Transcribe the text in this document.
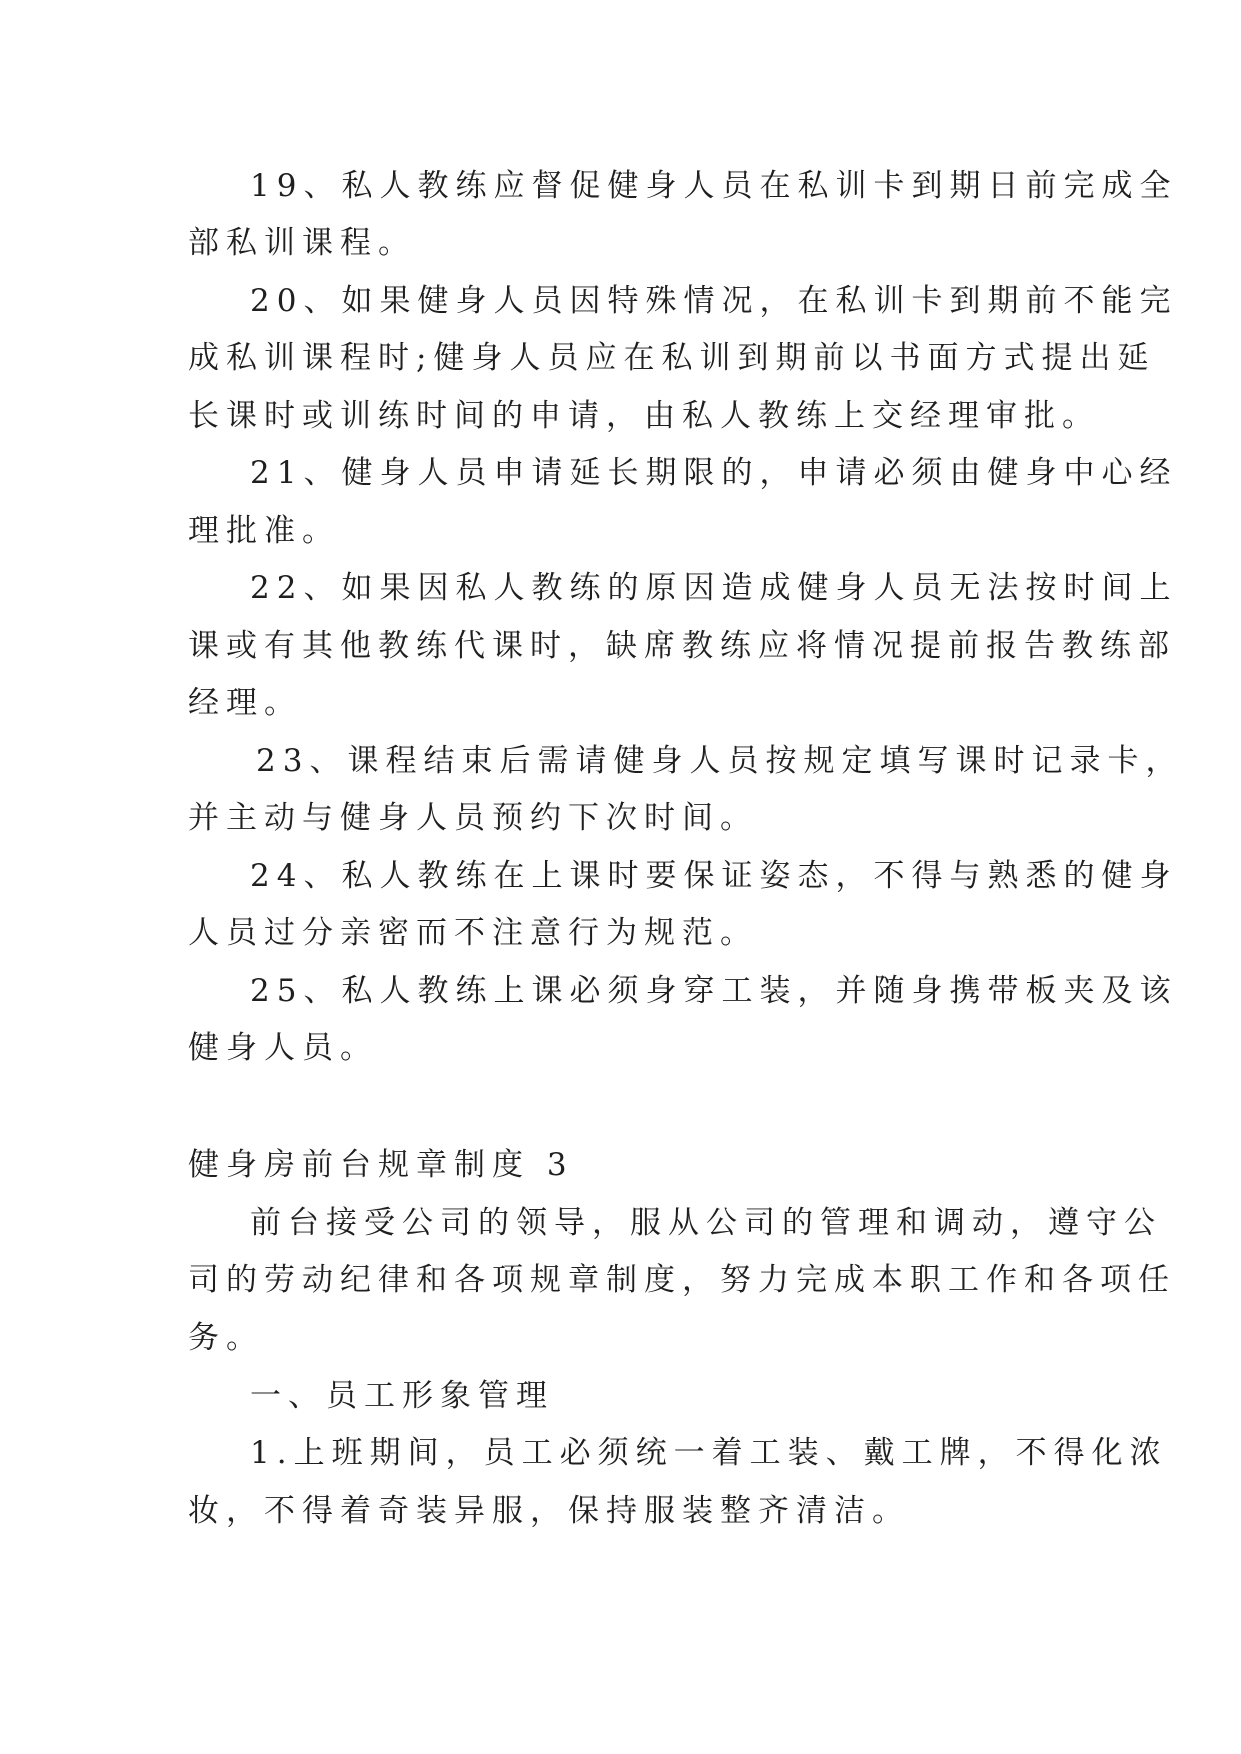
19、私人教练应督促健身人员在私训卡到期日前完成全
部私训课程。
20、如果健身人员因特殊情况，在私训卡到期前不能完
成私训课程时;健身人员应在私训到期前以书面方式提出延
长课时或训练时间的申请，由私人教练上交经理审批。
21、健身人员申请延长期限的，申请必须由健身中心经
理批准。
22、如果因私人教练的原因造成健身人员无法按时间上
课或有其他教练代课时，缺席教练应将情况提前报告教练部
经理。
23、课程结束后需请健身人员按规定填写课时记录卡，
并主动与健身人员预约下次时间。
24、私人教练在上课时要保证姿态，不得与熟悉的健身
人员过分亲密而不注意行为规范。
25、私人教练上课必须身穿工装，并随身携带板夹及该
健身人员。
健身房前台规章制度 3
前台接受公司的领导，服从公司的管理和调动，遵守公
司的劳动纪律和各项规章制度，努力完成本职工作和各项任
务。
一、员工形象管理
1.上班期间，员工必须统一着工装、戴工牌，不得化浓
妆，不得着奇装异服，保持服装整齐清洁。
